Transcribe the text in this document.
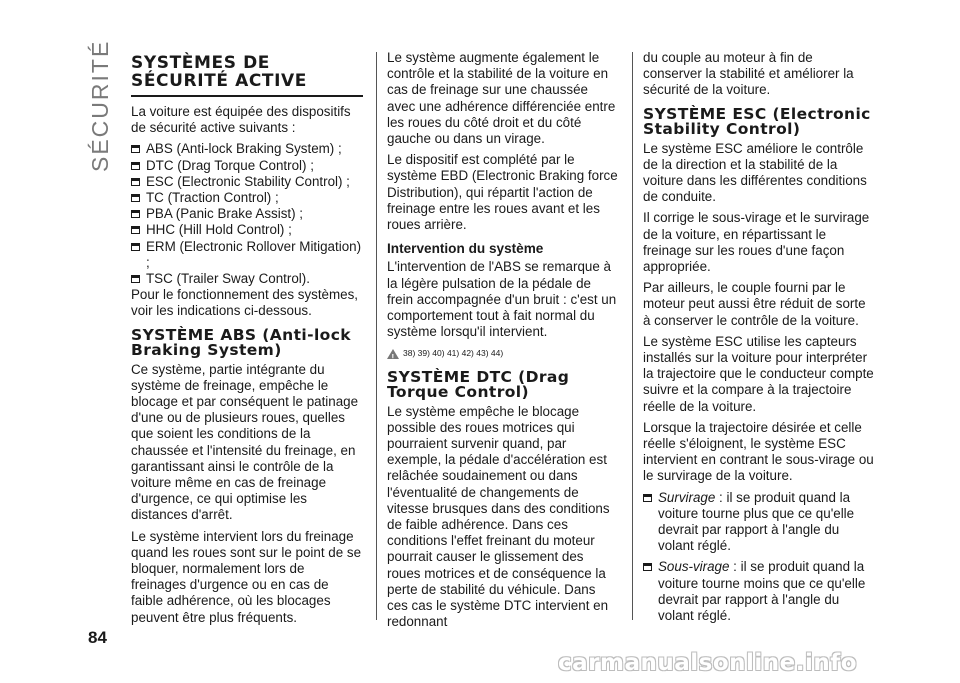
SÉCURITÉ SYSTÈMES DE SÉCURITÉ ACTIVE

La voiture est équipée des dispositifs de sécurité active suivants :

ABS (Anti-lock Braking System) ;
DTC (Drag Torque Control) ;
ESC (Electronic Stability Control) ;
TC (Traction Control) ;
PBA (Panic Brake Assist) ;
HHC (Hill Hold Control) ;
ERM (Electronic Rollover Mitigation) ;
TSC (Trailer Sway Control).

Pour le fonctionnement des systèmes, voir les indications ci-dessous.

SYSTÈME ABS (Anti-lock Braking System)

Ce système, partie intégrante du système de freinage, empêche le blocage et par conséquent le patinage d'une ou de plusieurs roues, quelles que soient les conditions de la chaussée et l'intensité du freinage, en garantissant ainsi le contrôle de la voiture même en cas de freinage d'urgence, ce qui optimise les distances d'arrêt.

Le système intervient lors du freinage quand les roues sont sur le point de se bloquer, normalement lors de freinages d'urgence ou en cas de faible adhérence, où les blocages peuvent être plus fréquents.

Le système augmente également le contrôle et la stabilité de la voiture en cas de freinage sur une chaussée avec une adhérence différenciée entre les roues du côté droit et du côté gauche ou dans un virage.

Le dispositif est complété par le système EBD (Electronic Braking force Distribution), qui répartit l'action de freinage entre les roues avant et les roues arrière.

Intervention du système

L'intervention de l'ABS se remarque à la légère pulsation de la pédale de frein accompagnée d'un bruit : c'est un comportement tout à fait normal du système lorsqu'il intervient.

!
38) 39) 40) 41) 42) 43) 44)
SYSTÈME DTC (Drag Torque Control)

Le système empêche le blocage possible des roues motrices qui pourraient survenir quand, par exemple, la pédale d'accélération est relâchée soudainement ou dans l'éventualité de changements de vitesse brusques dans des conditions de faible adhérence. Dans ces conditions l'effet freinant du moteur pourrait causer le glissement des roues motrices et de conséquence la perte de stabilité du véhicule. Dans ces cas le système DTC intervient en redonnant

du couple au moteur à fin de conserver la stabilité et améliorer la sécurité de la voiture.

SYSTÈME ESC (Electronic Stability Control)

Le système ESC améliore le contrôle de la direction et la stabilité de la voiture dans les différentes conditions de conduite.

Il corrige le sous-virage et le survirage de la voiture, en répartissant le freinage sur les roues d'une façon appropriée.

Par ailleurs, le couple fourni par le moteur peut aussi être réduit de sorte à conserver le contrôle de la voiture.

Le système ESC utilise les capteurs installés sur la voiture pour interpréter la trajectoire que le conducteur compte suivre et la compare à la trajectoire réelle de la voiture.

Lorsque la trajectoire désirée et celle réelle s'éloignent, le système ESC intervient en contrant le sous-virage ou le survirage de la voiture.

Survirage : il se produit quand la voiture tourne plus que ce qu'elle devrait par rapport à l'angle du volant réglé.

Sous-virage : il se produit quand la voiture tourne moins que ce qu'elle devrait par rapport à l'angle du volant réglé.

84
carmanualsonline.info
